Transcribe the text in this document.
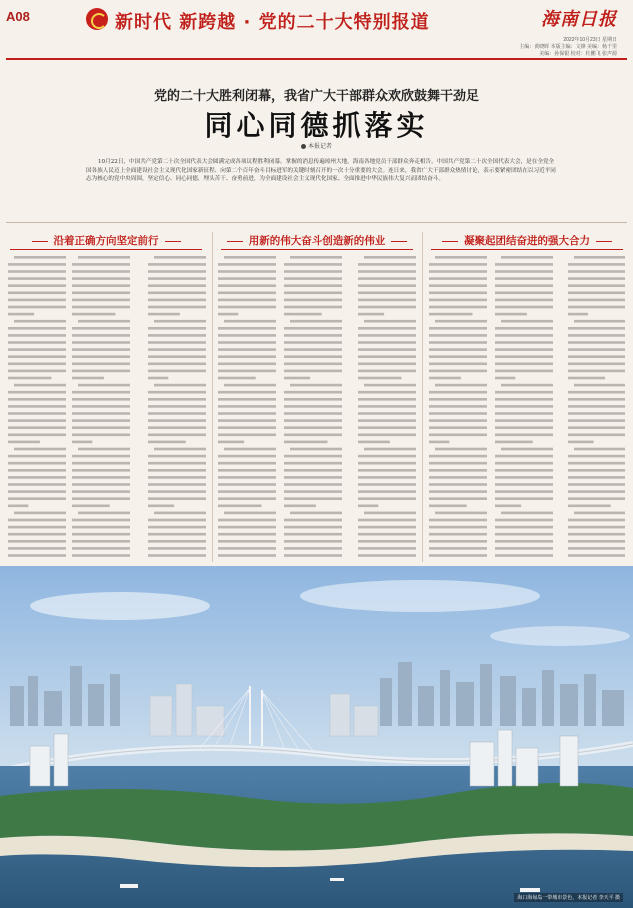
A08	新时代 新跨越 · 党的二十大特别报道	海南日报
2022年10月23日 星期日
主编：黄晓晖 本版主编：文锋 美编：杨千里
美编：孙保银 校对：杜鹏飞 张声源
党的二十大胜利闭幕，我省广大干部群众欢欣鼓舞干劲足
同心同德抓落实
本报记者
10月22日，中国共产党第二十次全国代表大会圆满完成各项议程胜利闭幕。掌握的消息传遍琼州大地，海南各地党员干部群众奔走相告，中国共产党第二十次全国代表大会，是在全党全国各族人民迈上全面建设社会主义现代化国家新征程、向第二个百年奋斗目标进军的关键时刻召开的一次十分重要的大会。连日来，我省广大干部群众热情讨论，表示要紧密团结在以习近平同志为核心的党中央周围，坚定信心、同心同德，埋头苦干、奋勇前进，为全面建设社会主义现代化国家、全面推进中华民族伟大复兴而团结奋斗。
沿着正确方向坚定前行	用新的伟大奋斗创造新的伟业	凝聚起团结奋进的强大合力
海口海甸岛一带城市景色，本报记者 李天平 摄
